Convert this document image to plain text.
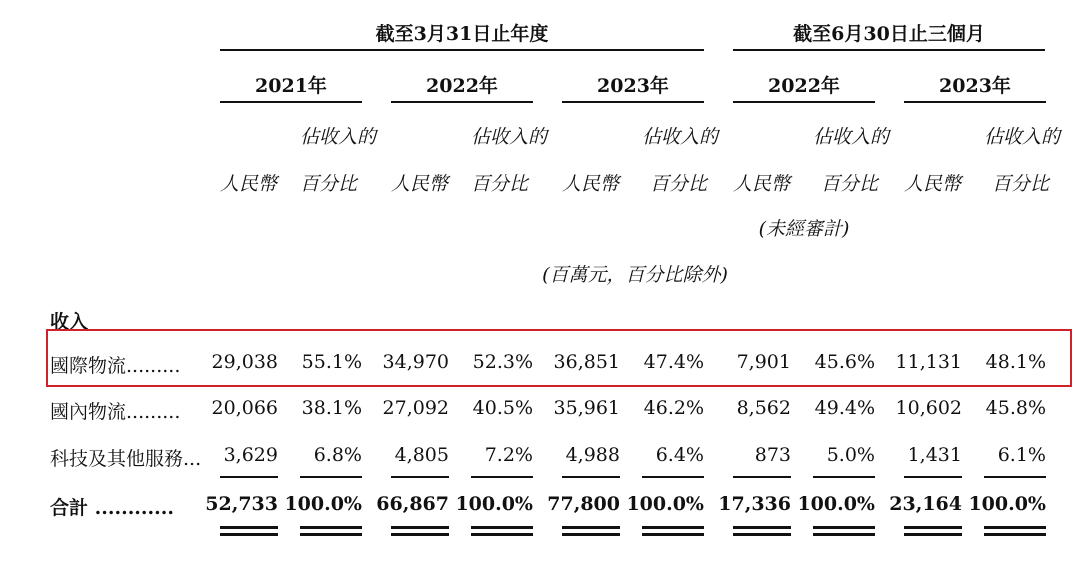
截至3月31日止年度	截至6月30日止三個月
2021年	2022年	2023年	2022年	2023年
佔收入的	佔收入的	佔收入的	佔收入的	佔收入的
人民幣 百分比 人民幣 百分比 人民幣 百分比 人民幣 百分比 人民幣 百分比
(未經審計)
(百萬元，百分比除外)
收入
國際物流......... 29,038 55.1% 34,970 52.3% 36,851 47.4% 7,901 45.6% 11,131 48.1%
國內物流......... 20,066 38.1% 27,092 40.5% 35,961 46.2% 8,562 49.4% 10,602 45.8%
科技及其他服務... 3,629 6.8% 4,805 7.2% 4,988 6.4%	873 5.0% 1,431 6.1%
合計 ............ 52,733 100.0% 66,867 100.0% 77,800 100.0% 17,336 100.0% 23,164 100.0%
